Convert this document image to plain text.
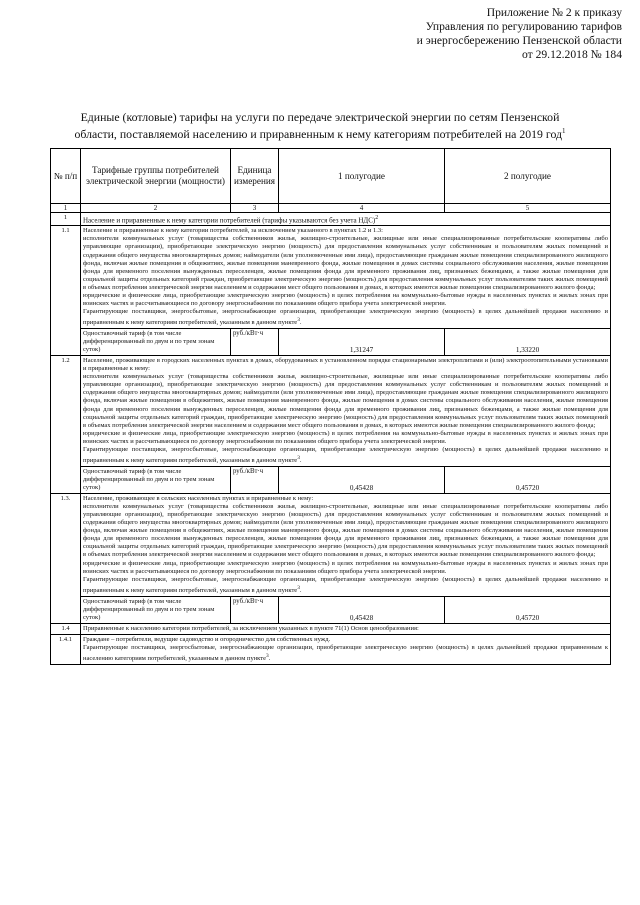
Приложение № 2 к приказу
Управления по регулированию тарифов
и энергосбережению Пензенской области
от 29.12.2018 № 184
Единые (котловые) тарифы на услуги по передаче электрической энергии по сетям Пензенской
области, поставляемой населению и приравненным к нему категориям потребителей на 2019 год$^1$
№ п/п	Тарифные группы потребителей электрической энергии (мощности)	Единица измерения	1 полугодие	2 полугодие
1	2	3	4	5
1	Население и приравненные к нему категории потребителей (тарифы указываются без учета НДС)$^2$
1.1	Население и приравненные к нему категории потребителей, за исключением указанного в пунктах 1.2 и 1.3:

исполнители коммунальных услуг (товарищества собственников жилья, жилищно-строительные, жилищные или иные специализированные потребительские кооперативы либо управляющие организации), приобретающие электрическую энергию (мощность) для предоставления коммунальных услуг собственникам и пользователям жилых помещений и содержания общего имущества многоквартирных домов; наймодатели (или уполномоченные ими лица), предоставляющие гражданам жилые помещения специализированного жилищного фонда, включая жилые помещения в общежитиях, жилые помещения маневренного фонда, жилые помещения в домах системы социального обслуживания населения, жилые помещения фонда для временного поселения вынужденных переселенцев, жилые помещения фонда для временного проживания лиц, признанных беженцами, а также жилые помещения для социальной защиты отдельных категорий граждан, приобретающие электрическую энергию (мощность) для предоставления коммунальных услуг пользователям таких жилых помещений в объемах потребления электрической энергии населением и содержания мест общего пользования в домах, в которых имеются жилые помещения специализированного жилого фонда;

юридические и физические лица, приобретающие электрическую энергию (мощность) в целях потребления на коммунально-бытовые нужды в населенных пунктах и жилых зонах при воинских частях и рассчитывающиеся по договору энергоснабжения по показаниям общего прибора учета электрической энергии.

Гарантирующие поставщики, энергосбытовые, энергоснабжающие организации, приобретающие электрическую энергию (мощность) в целях дальнейшей продажи населению и приравненным к нему категориям потребителей, указанным в данном пункте$^3$.			

	Одноставочный тариф (в том числе дифференцированный по двум и по трем зонам суток)	руб./кВт·ч	1,31247	1,33220
1.2	Население, проживающее в городских населенных пунктах в домах, оборудованных в установленном порядке стационарными электроплитами и (или) электроотопительными установками и приравненные к нему:

исполнители коммунальных услуг (товарищества собственников жилья, жилищно-строительные, жилищные или иные специализированные потребительские кооперативы либо управляющие организации), приобретающие электрическую энергию (мощность) для предоставления коммунальных услуг собственникам и пользователям жилых помещений и содержания общего имущества многоквартирных домов; наймодатели (или уполномоченные ими лица), предоставляющие гражданам жилые помещения специализированного жилищного фонда, включая жилые помещения в общежитиях, жилые помещения маневренного фонда, жилые помещения в домах системы социального обслуживания населения, жилые помещения фонда для временного поселения вынужденных переселенцев, жилые помещения фонда для временного проживания лиц, признанных беженцами, а также жилые помещения для социальной защиты отдельных категорий граждан, приобретающие электрическую энергию (мощность) для предоставления коммунальных услуг пользователям таких жилых помещений в объемах потребления электрической энергии населением и содержания мест общего пользования в домах, в которых имеются жилые помещения специализированного жилого фонда;

юридические и физические лица, приобретающие электрическую энергию (мощность) в целях потребления на коммунально-бытовые нужды в населенных пунктах и жилых зонах при воинских частях и рассчитывающиеся по договору энергоснабжения по показаниям общего прибора учета электрической энергии.

Гарантирующие поставщики, энергосбытовые, энергоснабжающие организации, приобретающие электрическую энергию (мощность) в целях дальнейшей продажи населению и приравненным к нему категориям потребителей, указанным в данном пункте$^3$.			

	Одноставочный тариф (в том числе дифференцированный по двум и по трем зонам суток)	руб./кВт·ч	0,45428	0,45720
1.3.	Население, проживающее в сельских населенных пунктах и приравненные к нему:

исполнители коммунальных услуг (товарищества собственников жилья, жилищно-строительные, жилищные или иные специализированные потребительские кооперативы либо управляющие организации), приобретающие электрическую энергию (мощность) для предоставления коммунальных услуг собственникам и пользователям жилых помещений и содержания общего имущества многоквартирных домов; наймодатели (или уполномоченные ими лица), предоставляющие гражданам жилые помещения специализированного жилищного фонда, включая жилые помещения в общежитиях, жилые помещения маневренного фонда, жилые помещения в домах системы социального обслуживания населения, жилые помещения фонда для временного поселения вынужденных переселенцев, жилые помещения фонда для временного проживания лиц, признанных беженцами, а также жилые помещения для социальной защиты отдельных категорий граждан, приобретающие электрическую энергию (мощность) для предоставления коммунальных услуг пользователям таких жилых помещений в объемах потребления электрической энергии населением и содержания мест общего пользования в домах, в которых имеются жилые помещения специализированного жилого фонда;

юридические и физические лица, приобретающие электрическую энергию (мощность) в целях потребления на коммунально-бытовые нужды в населенных пунктах и жилых зонах при воинских частях и рассчитывающиеся по договору энергоснабжения по показаниям общего прибора учета электрической энергии.

Гарантирующие поставщики, энергосбытовые, энергоснабжающие организации, приобретающие электрическую энергию (мощность) в целях дальнейшей продажи населению и приравненным к нему категориям потребителей, указанным в данном пункте$^3$.			

	Одноставочный тариф (в том числе дифференцированный по двум и по трем зонам суток)	руб./кВт·ч	0,45428	0,45720
1.4	Приравненные к населению категории потребителей, за исключением указанных в пункте 71(1) Основ ценообразования:			
1.4.1	Граждане – потребители, ведущие садоводство и огородничество для собственных нужд.

Гарантирующие поставщики, энергосбытовые, энергоснабжающие организации, приобретающие электрическую энергию (мощность) в целях дальнейшей продажи приравненным к населению категориям потребителей, указанным в данном пункте$^3$.			
